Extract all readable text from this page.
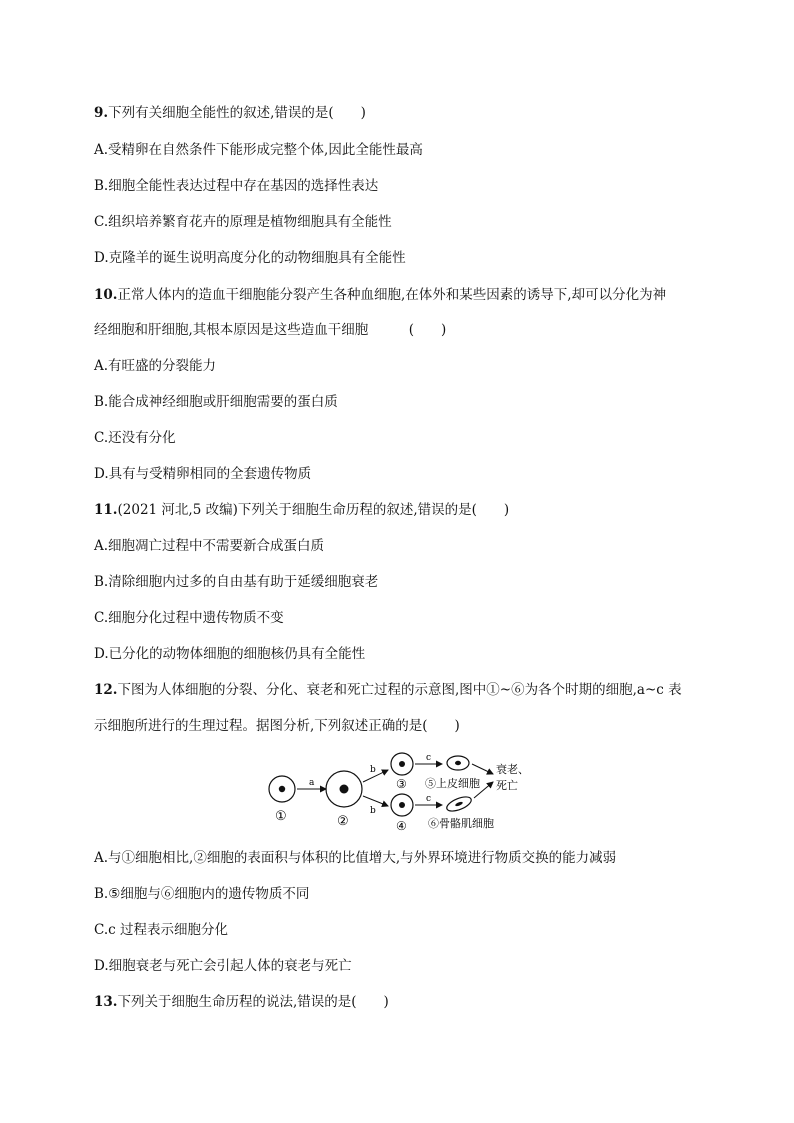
9.下列有关细胞全能性的叙述,错误的是(　　)
A.受精卵在自然条件下能形成完整个体,因此全能性最高
B.细胞全能性表达过程中存在基因的选择性表达
C.组织培养繁育花卉的原理是植物细胞具有全能性
D.克隆羊的诞生说明高度分化的动物细胞具有全能性
10.正常人体内的造血干细胞能分裂产生各种血细胞,在体外和某些因素的诱导下,却可以分化为神
经细胞和肝细胞,其根本原因是这些造血干细胞　　　(　　)
A.有旺盛的分裂能力
B.能合成神经细胞或肝细胞需要的蛋白质
C.还没有分化
D.具有与受精卵相同的全套遗传物质
11.(2021 河北,5 改编)下列关于细胞生命历程的叙述,错误的是(　　)
A.细胞凋亡过程中不需要新合成蛋白质
B.清除细胞内过多的自由基有助于延缓细胞衰老
C.细胞分化过程中遗传物质不变
D.已分化的动物体细胞的细胞核仍具有全能性
12.下图为人体细胞的分裂、分化、衰老和死亡过程的示意图,图中①~⑥为各个时期的细胞,a~c 表
示细胞所进行的生理过程。据图分析,下列叙述正确的是(　　)
①
a
②
b
b
③
④
c
c
⑤上皮细胞
⑥骨骼肌细胞
衰老、
死亡
A.与①细胞相比,②细胞的表面积与体积的比值增大,与外界环境进行物质交换的能力减弱
B.⑤细胞与⑥细胞内的遗传物质不同
C.c 过程表示细胞分化
D.细胞衰老与死亡会引起人体的衰老与死亡
13.下列关于细胞生命历程的说法,错误的是(　　)
